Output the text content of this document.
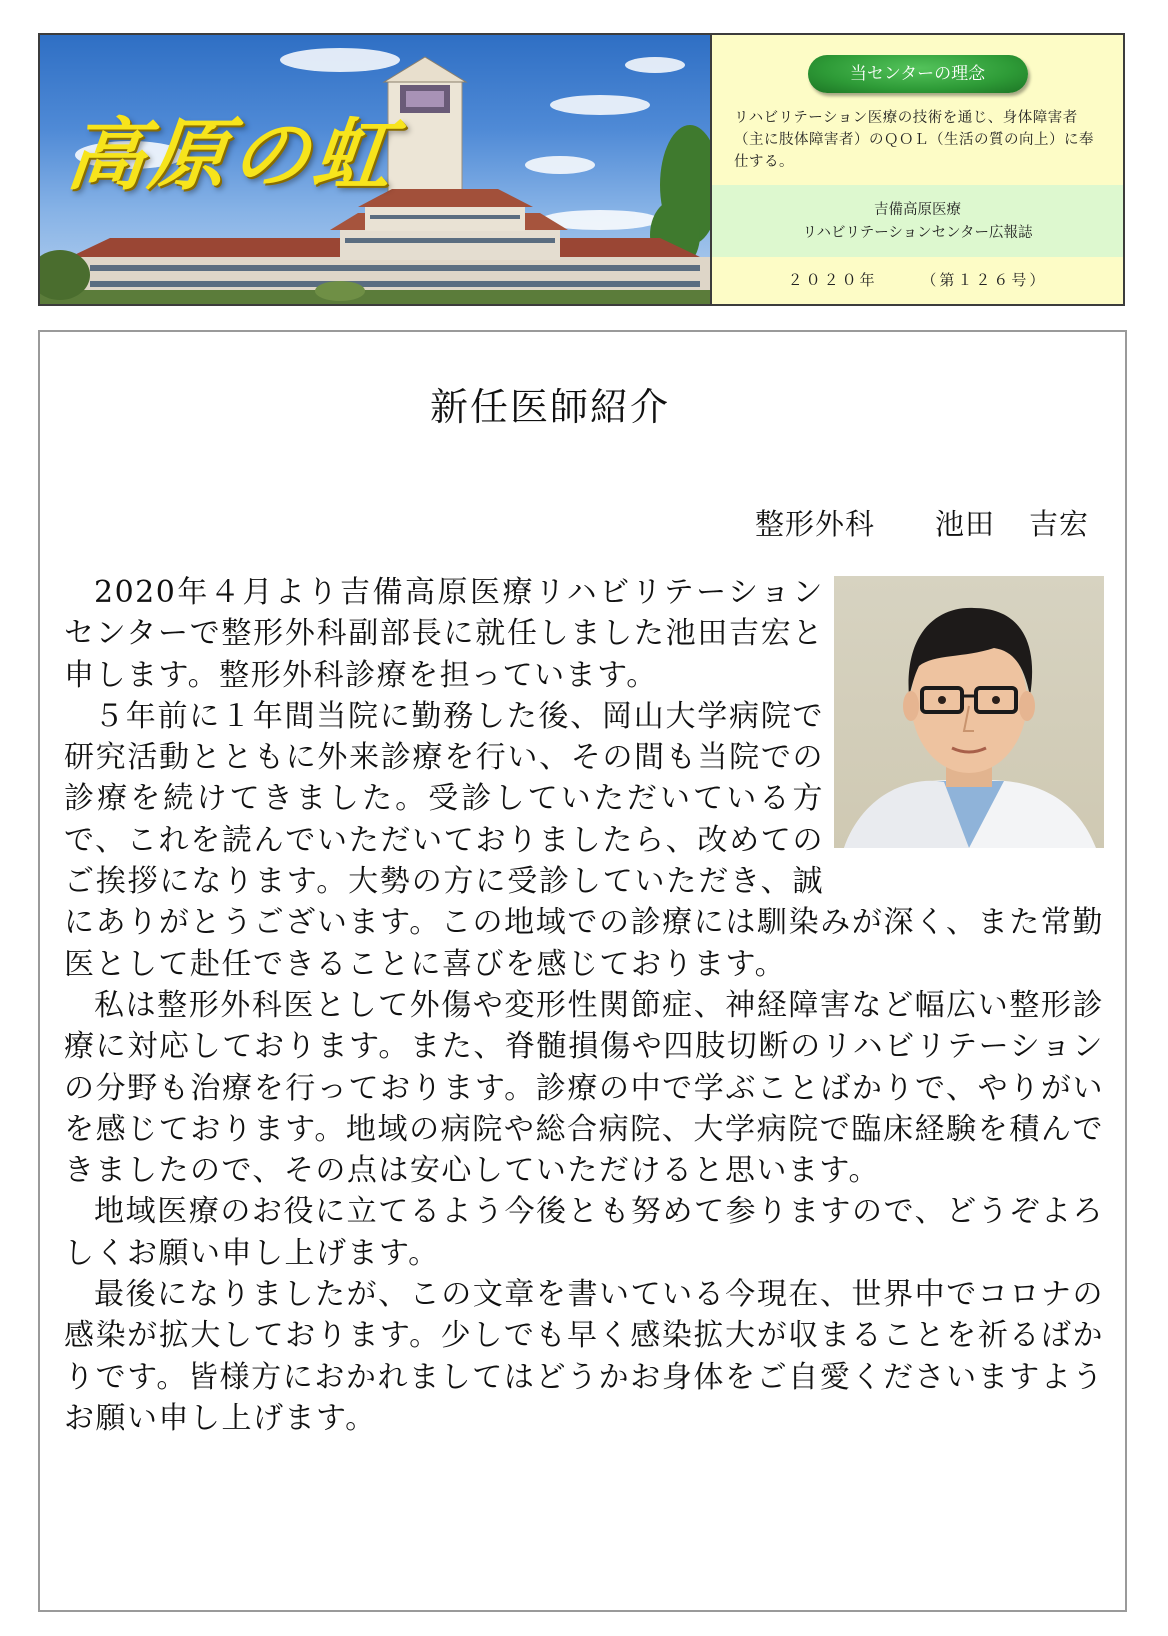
高原の虹
当センターの理念

リハビリテーション医療の技術を通じ、身体障害者（主に肢体障害者）のＱＯＬ（生活の質の向上）に奉仕する。

吉備高原医療
リハビリテーションセンター広報誌
２０２０年	（第１２６号）
新任医師紹介
整形外科 池田 吉宏

2020年４月より吉備高原医療リハビリテーションセンターで整形外科副部長に就任しました池田吉宏と申します。整形外科診療を担っています。

５年前に１年間当院に勤務した後、岡山大学病院で研究活動とともに外来診療を行い、その間も当院での診療を続けてきました。受診していただいている方で、これを読んでいただいておりましたら、改めてのご挨拶になります。大勢の方に受診していただき、誠にありがとうございます。この地域での診療には馴染みが深く、また常勤医として赴任できることに喜びを感じております。

私は整形外科医として外傷や変形性関節症、神経障害など幅広い整形診療に対応しております。また、脊髄損傷や四肢切断のリハビリテーションの分野も治療を行っております。診療の中で学ぶことばかりで、やりがいを感じております。地域の病院や総合病院、大学病院で臨床経験を積んできましたので、その点は安心していただけると思います。

地域医療のお役に立てるよう今後とも努めて参りますので、どうぞよろしくお願い申し上げます。

最後になりましたが、この文章を書いている今現在、世界中でコロナの感染が拡大しております。少しでも早く感染拡大が収まることを祈るばかりです。皆様方におかれましてはどうかお身体をご自愛くださいますようお願い申し上げます。
